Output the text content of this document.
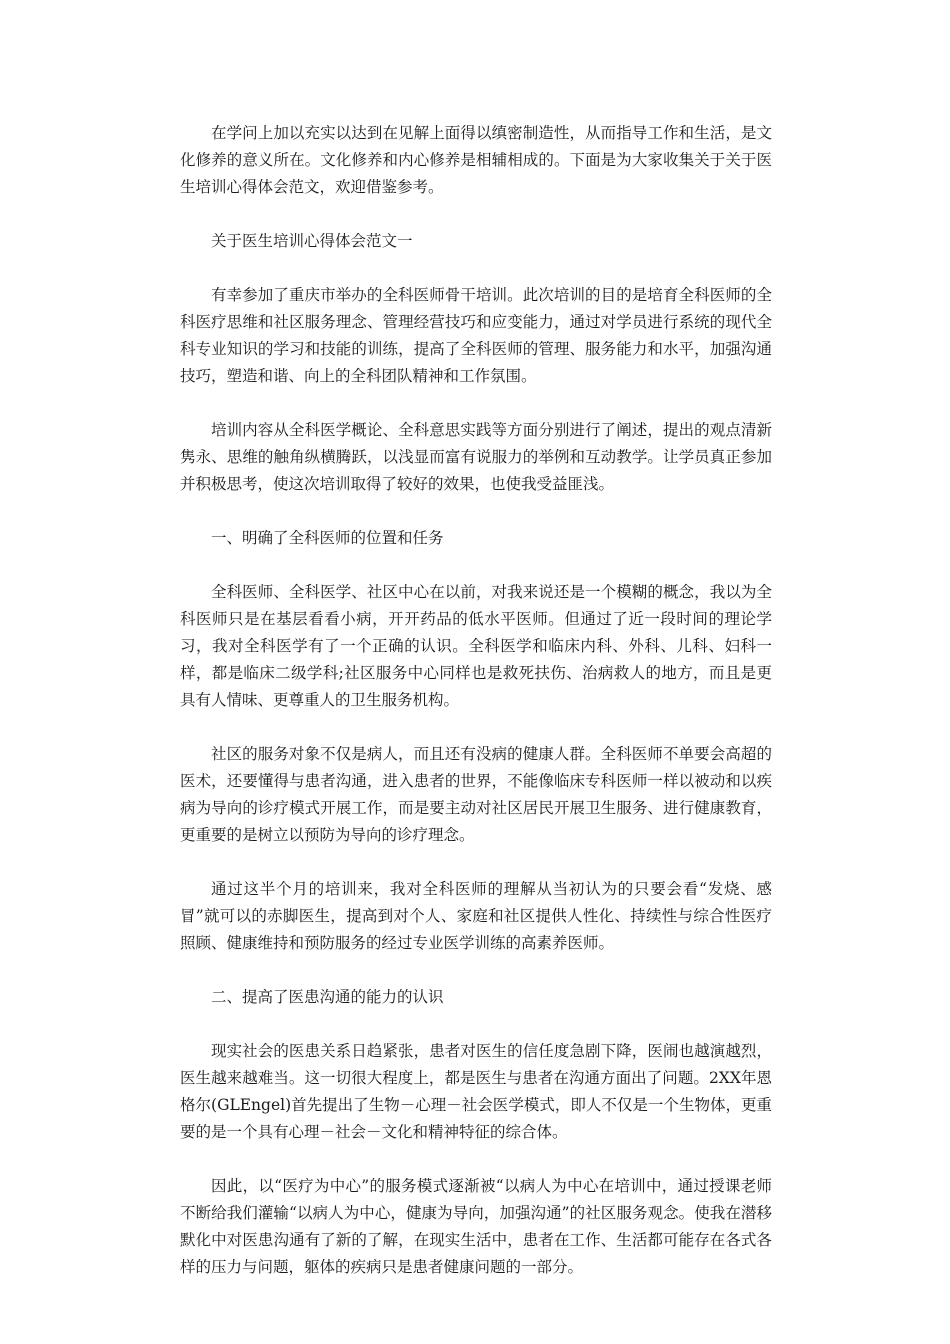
在学问上加以充实以达到在见解上面得以缜密制造性，从而指导工作和生活，是文化修养的意义所在。文化修养和内心修养是相辅相成的。下面是为大家收集关于关于医生培训心得体会范文，欢迎借鉴参考。

关于医生培训心得体会范文一

有幸参加了重庆市举办的全科医师骨干培训。此次培训的目的是培育全科医师的全科医疗思维和社区服务理念、管理经营技巧和应变能力，通过对学员进行系统的现代全科专业知识的学习和技能的训练，提高了全科医师的管理、服务能力和水平，加强沟通技巧，塑造和谐、向上的全科团队精神和工作氛围。

培训内容从全科医学概论、全科意思实践等方面分别进行了阐述，提出的观点清新隽永、思维的触角纵横腾跃，以浅显而富有说服力的举例和互动教学。让学员真正参加并积极思考，使这次培训取得了较好的效果，也使我受益匪浅。

一、明确了全科医师的位置和任务

全科医师、全科医学、社区中心在以前，对我来说还是一个模糊的概念，我以为全科医师只是在基层看看小病，开开药品的低水平医师。但通过了近一段时间的理论学习，我对全科医学有了一个正确的认识。全科医学和临床内科、外科、儿科、妇科一样，都是临床二级学科;社区服务中心同样也是救死扶伤、治病救人的地方，而且是更具有人情味、更尊重人的卫生服务机构。

社区的服务对象不仅是病人，而且还有没病的健康人群。全科医师不单要会高超的医术，还要懂得与患者沟通，进入患者的世界，不能像临床专科医师一样以被动和以疾病为导向的诊疗模式开展工作，而是要主动对社区居民开展卫生服务、进行健康教育，更重要的是树立以预防为导向的诊疗理念。

通过这半个月的培训来，我对全科医师的理解从当初认为的只要会看“发烧、感冒”就可以的赤脚医生，提高到对个人、家庭和社区提供人性化、持续性与综合性医疗照顾、健康维持和预防服务的经过专业医学训练的高素养医师。

二、提高了医患沟通的能力的认识

现实社会的医患关系日趋紧张，患者对医生的信任度急剧下降，医闹也越演越烈，医生越来越难当。这一切很大程度上，都是医生与患者在沟通方面出了问题。2XX年恩格尔(GLEngel)首先提出了生物－心理－社会医学模式，即人不仅是一个生物体，更重要的是一个具有心理－社会－文化和精神特征的综合体。

因此，以“医疗为中心”的服务模式逐渐被“以病人为中心在培训中，通过授课老师不断给我们灌输“以病人为中心，健康为导向，加强沟通”的社区服务观念。使我在潜移默化中对医患沟通有了新的了解，在现实生活中，患者在工作、生活都可能存在各式各样的压力与问题，躯体的疾病只是患者健康问题的一部分。
